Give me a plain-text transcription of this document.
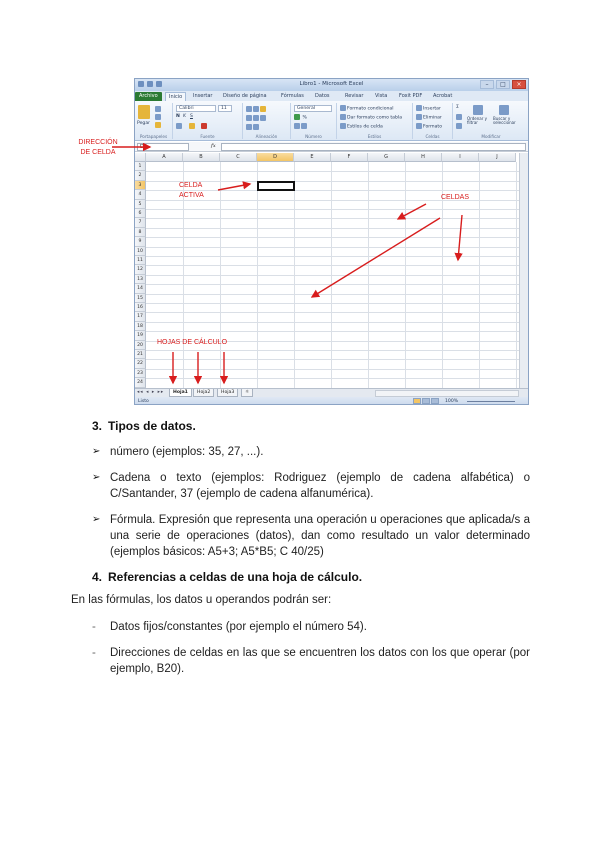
Libro1 - Microsoft Excel	–	□	×
Archivo	Inicio	Insertar Diseño de página	Fórmulas Datos	Revisar Vista Foxit PDF Acrobat
Pegar
Portapapeles
Calibri	11
N K S
Fuente	Alineación
General
%
Número
Formato condicional
Dar formato como tabla
Estilos de celda
Estilos
Insertar
Eliminar
Formato
Celdas
Σ
Ordenar y filtrar
Buscar y seleccionar
Modificar
D3	fx
A	B	C	D	E	F	G	H	I	J
1
2
3
4
5
6
7
8
9
10
11
12
13
14
15
16
17
18
19
20
21
22
23
24
◂◂ ◂ ▸ ▸▸	Hoja1	Hoja2	Hoja3	☼
Listo	100%
CELDA ACTIVA	CELDAS
HOJAS DE CÁLCULO
DIRECCIÓN DE CELDA
3. Tipos de datos.
➢ número (ejemplos: 35, 27, ...).
➢ Cadena o texto (ejemplos: Rodriguez (ejemplo de cadena alfabética) o C/Santander, 37 (ejemplo de cadena alfanumérica).
➢ Fórmula. Expresión que representa una operación u operaciones que aplicada/s a una serie de operaciones (datos), dan como resultado un valor determinado (ejemplos básicos: A5+3; A5*B5; C 40/25)
4. Referencias a celdas de una hoja de cálculo.
En las fórmulas, los datos u operandos podrán ser:
-	Datos fijos/constantes (por ejemplo el número 54).
-	Direcciones de celdas en las que se encuentren los datos con los que operar (por ejemplo, B20).
